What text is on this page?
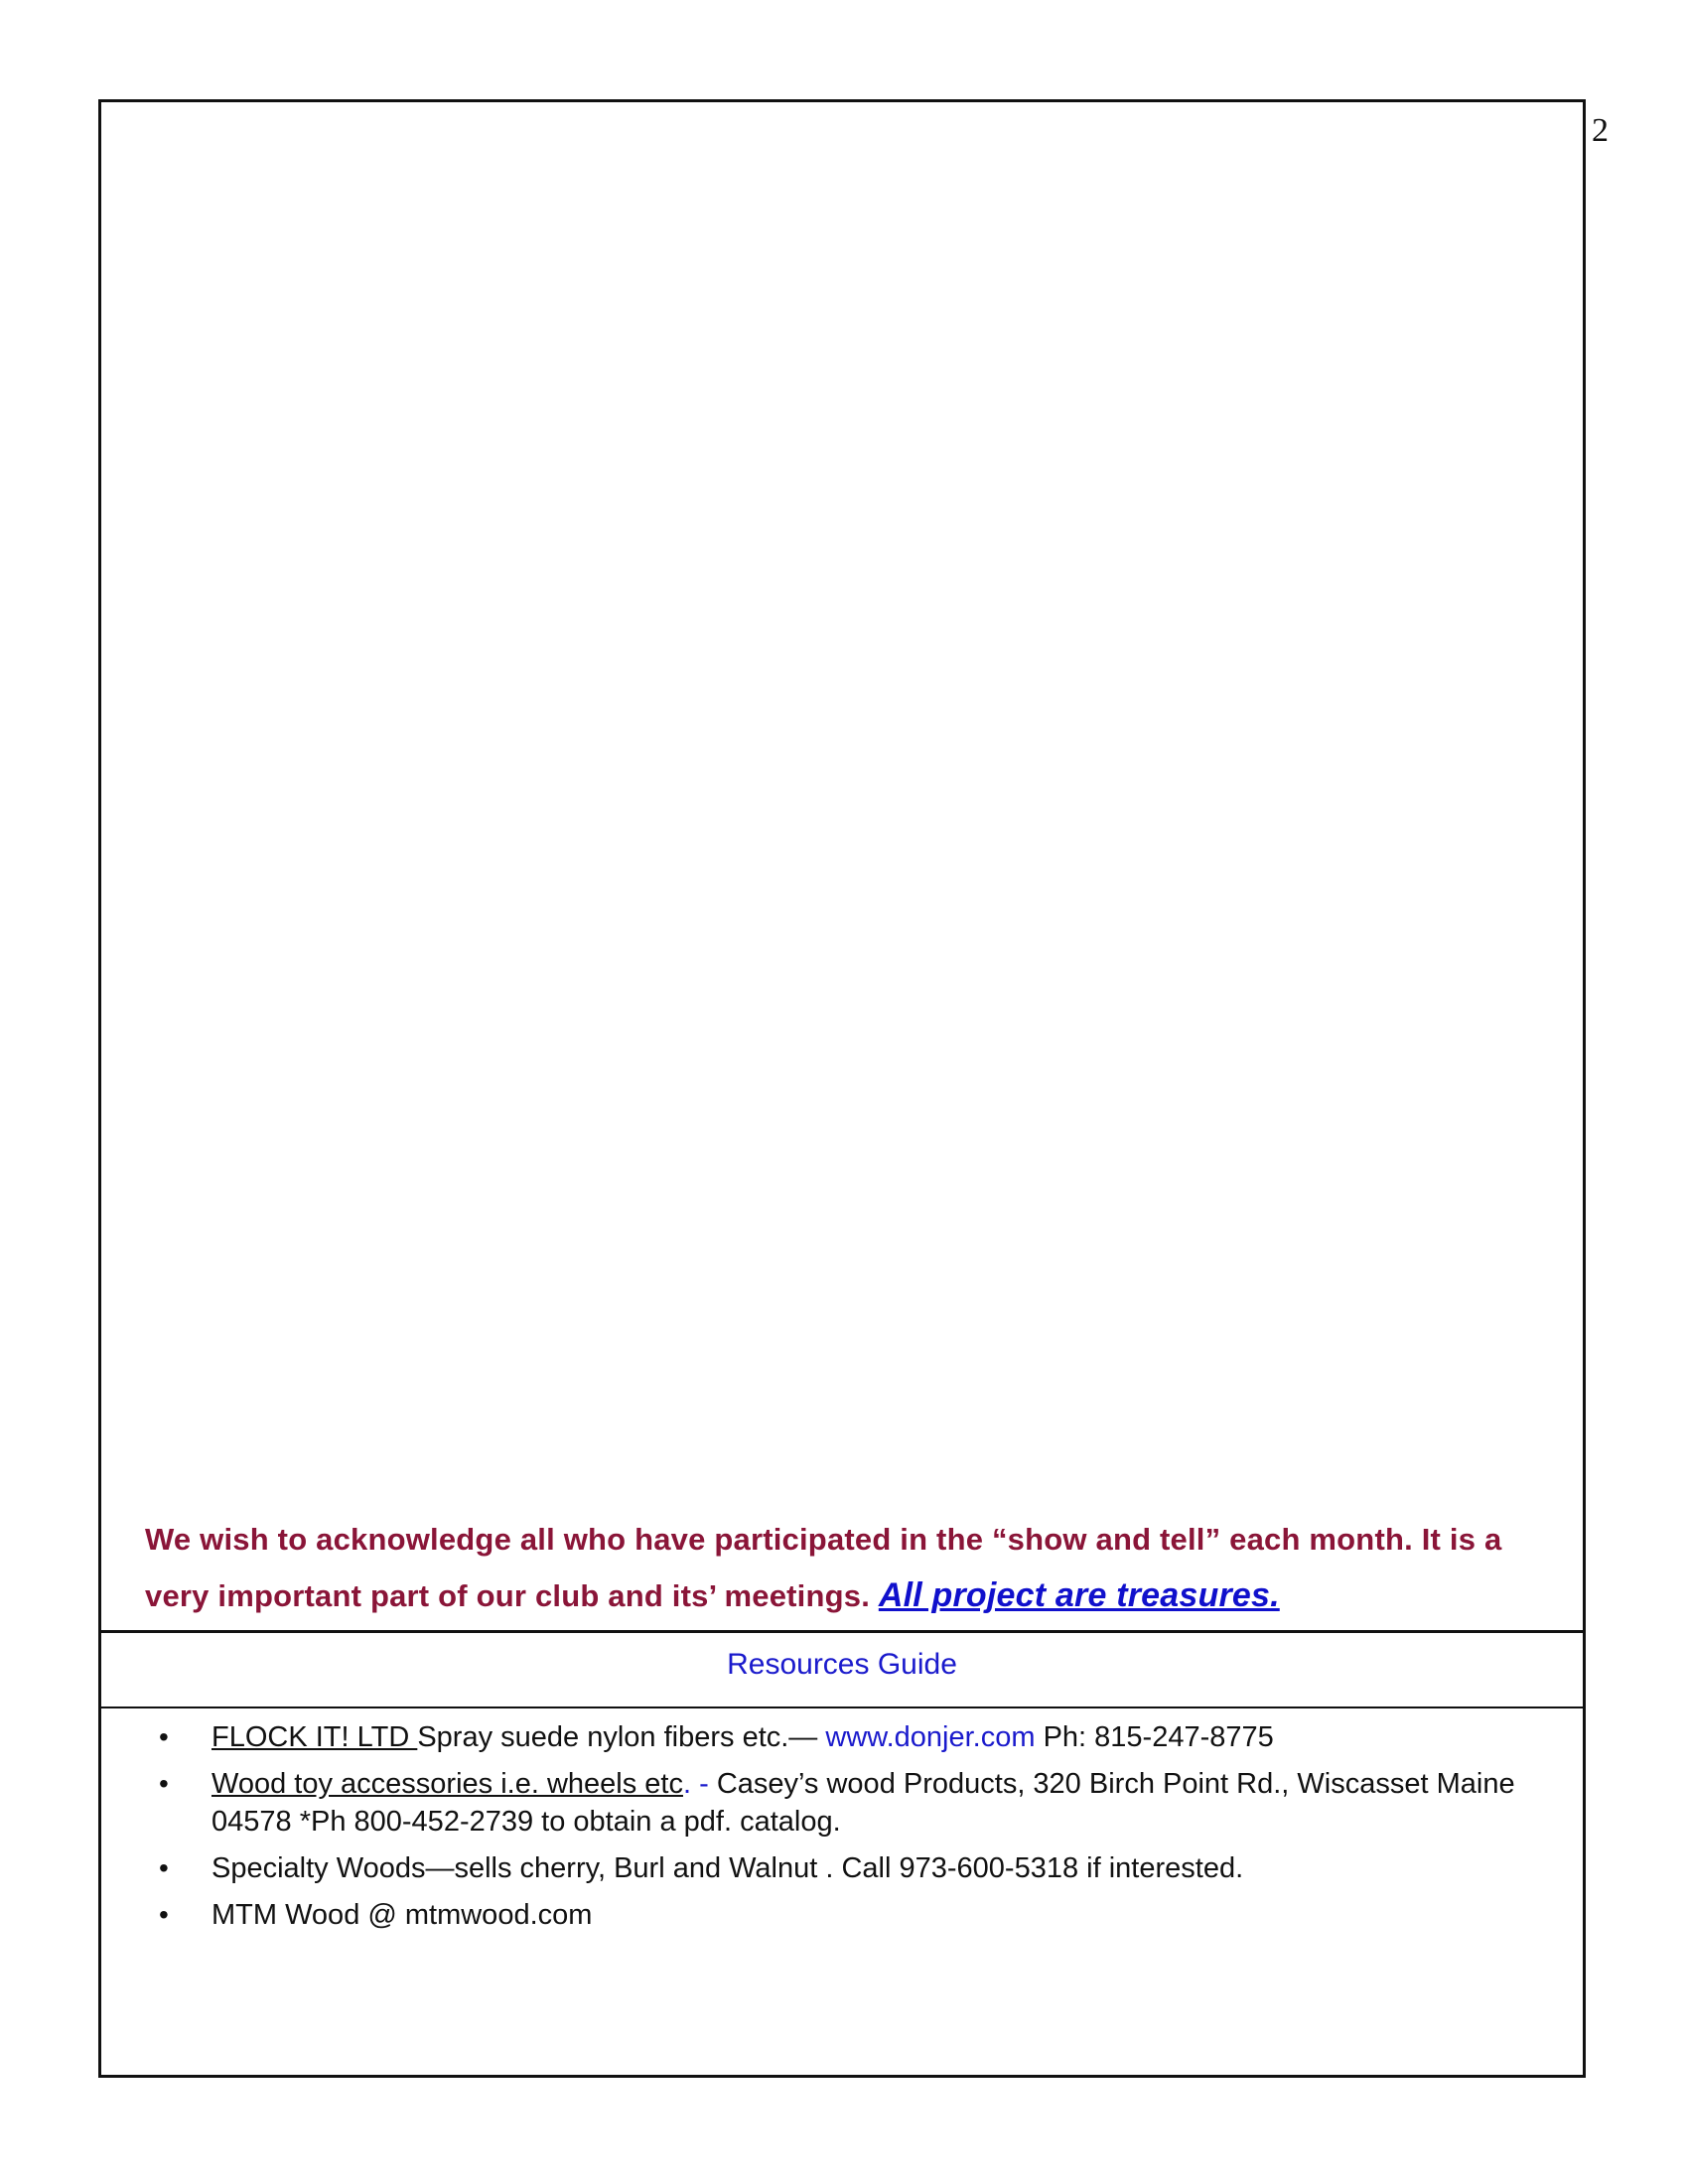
2
We wish to acknowledge all who have participated in the “show and tell” each month. It is a very important part of our club and its’ meetings. All project are treasures.
Resources Guide
• FLOCK IT! LTD Spray suede nylon fibers etc.— www.donjer.com Ph: 815-247-8775
• Wood toy accessories i.e. wheels etc. - Casey’s wood Products, 320 Birch Point Rd., Wiscasset Maine 04578 *Ph 800-452-2739 to obtain a pdf. catalog.
• Specialty Woods—sells cherry, Burl and Walnut . Call 973-600-5318 if interested.
• MTM Wood @ mtmwood.com
